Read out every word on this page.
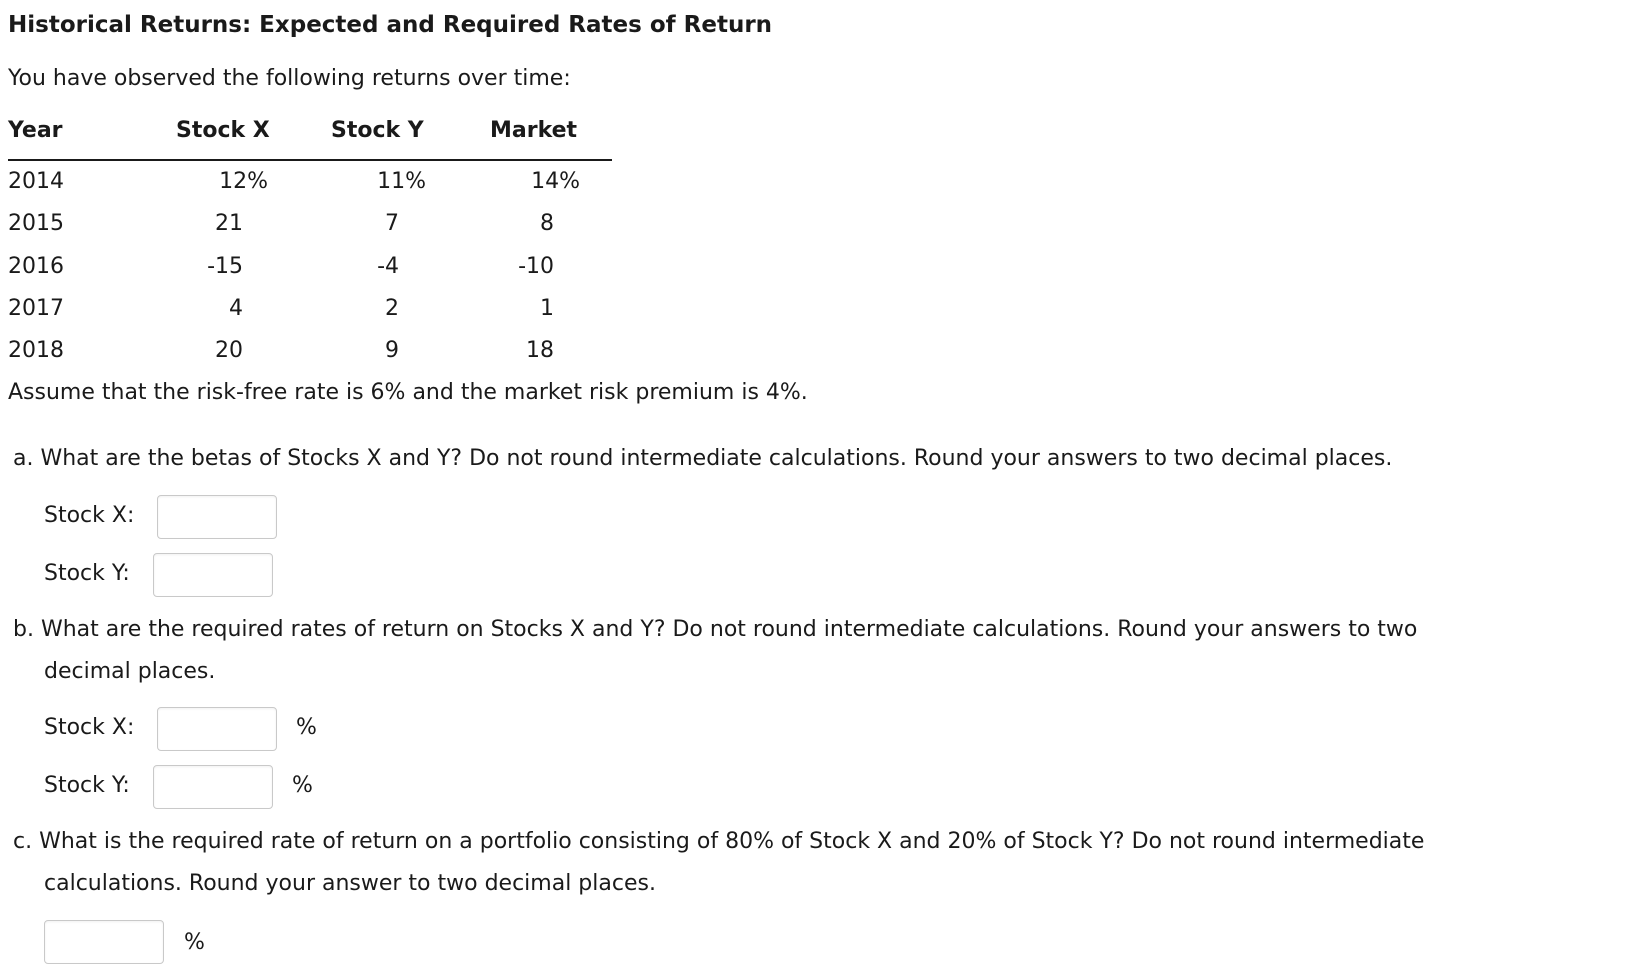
Historical Returns: Expected and Required Rates of Return
You have observed the following returns over time:
Year	Stock X	Stock Y	Market
2014	12%	11%	14%
2015	21	7	8
2016	-15	-4	-10
2017	4	2	1
2018	20	9	18
Assume that the risk-free rate is 6% and the market risk premium is 4%.
a. What are the betas of Stocks X and Y? Do not round intermediate calculations. Round your answers to two decimal places.
Stock X:
Stock Y:
b. What are the required rates of return on Stocks X and Y? Do not round intermediate calculations. Round your answers to two
decimal places.
Stock X:	%
Stock Y:	%
c. What is the required rate of return on a portfolio consisting of 80% of Stock X and 20% of Stock Y? Do not round intermediate
calculations. Round your answer to two decimal places.
%
